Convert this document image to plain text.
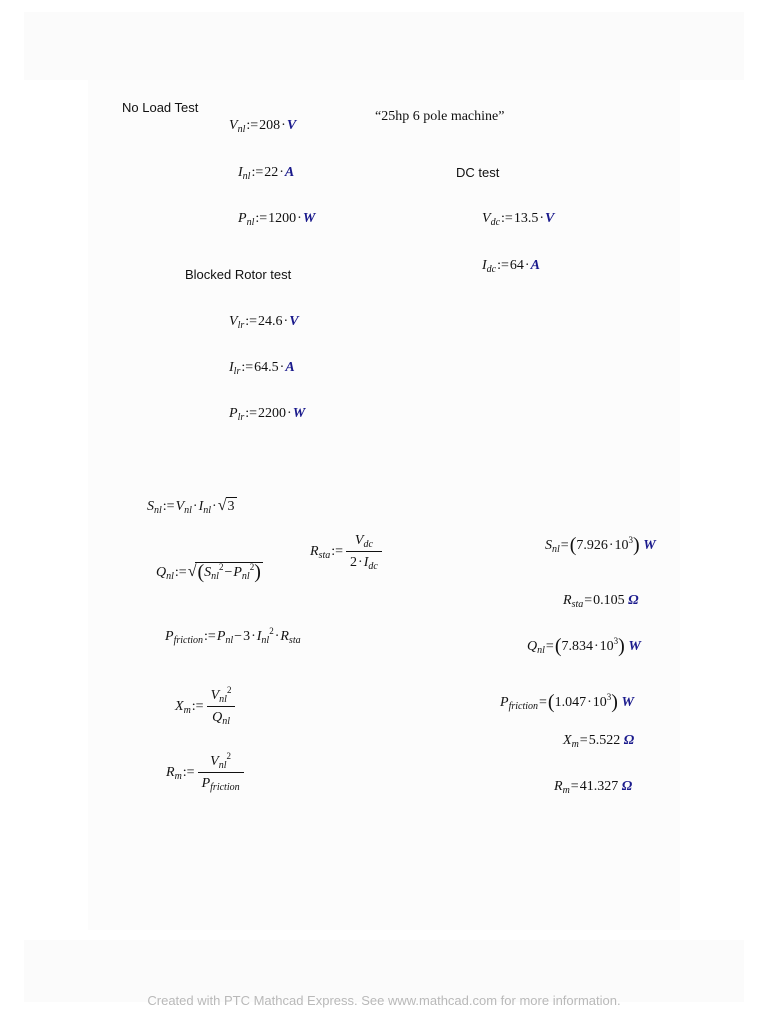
No Load Test
“25hp 6 pole machine”
DC test
Blocked Rotor test
$V_{nl}:=208\cdot V$
$I_{nl}:=22\cdot A$
$P_{nl}:=1200\cdot W$	$V_{dc}:=13.5\cdot V$
$I_{dc}:=64\cdot A$
$V_{lr}:=24.6\cdot V$
$I_{lr}:=64.5\cdot A$
$P_{lr}:=2200\cdot W$
$S_{nl}:=V_{nl}\cdot I_{nl}\cdot√3$
$R_{sta}:= \frac{V_{dc}}{2\cdot I_{dc}}$
$Q_{nl}:=√(S_{nl}^2-P_{nl}^2)$
$P_{friction}:=P_{nl}-3\cdot I_{nl}^2\cdot R_{sta}$
$X_m:= \frac{V_{nl}^2}{Q_{nl}}$
$R_m:= \frac{V_{nl}^2}{P_{friction}}$
$S_{nl}=(7.926\cdot 10^3)$ W
$R_{sta}=0.105$ Ω
$Q_{nl}=(7.834\cdot 10^3)$ W
$P_{friction}=(1.047\cdot 10^3)$ W
$X_m=5.522$ Ω
$R_m=41.327$ Ω
Created with PTC Mathcad Express. See www.mathcad.com for more information.
